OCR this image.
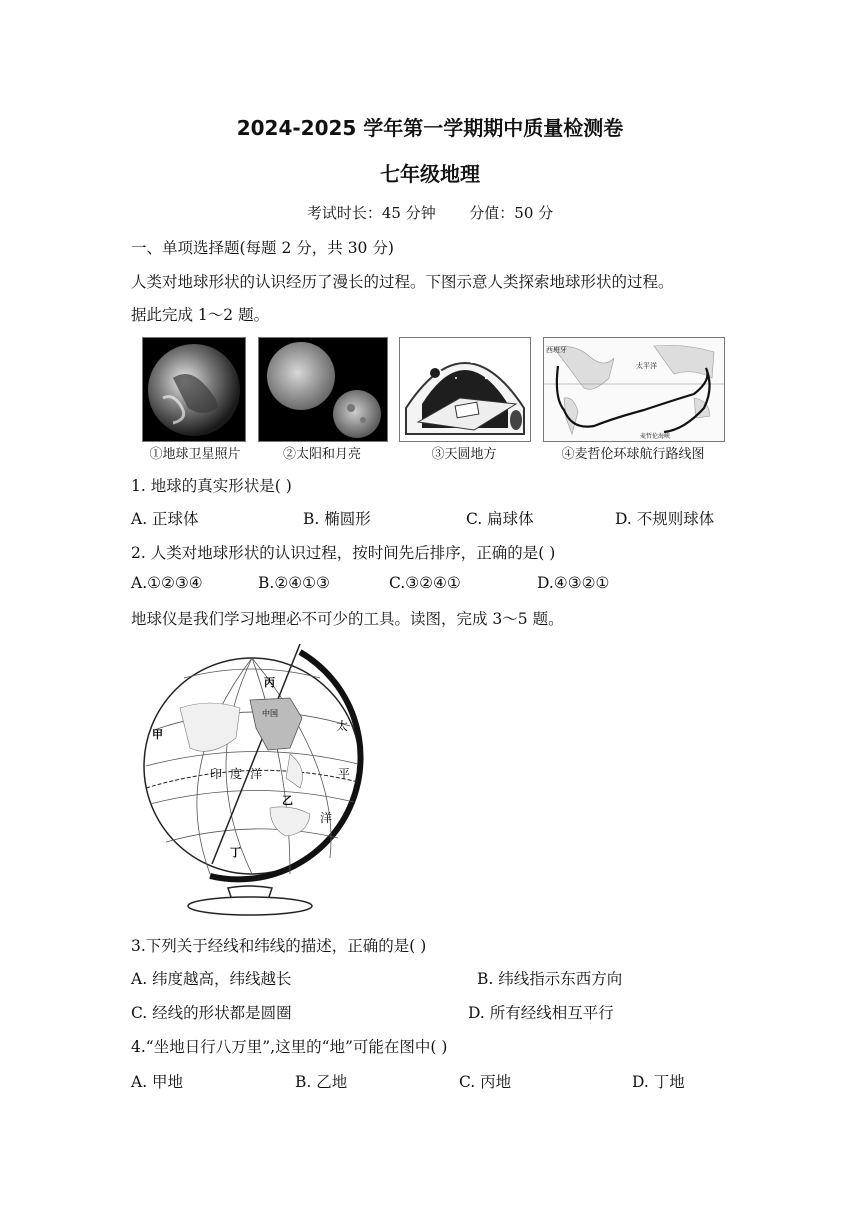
2024-2025 学年第一学期期中质量检测卷
七年级地理
考试时长：45 分钟 分值：50 分
一、单项选择题(每题 2 分，共 30 分)
人类对地球形状的认识经历了漫长的过程。下图示意人类探索地球形状的过程。
据此完成 1～2 题。
西班牙
太平洋
麦哲伦海峡
①地球卫星照片	②太阳和月亮	③天圆地方	④麦哲伦环球航行路线图
1. 地球的真实形状是( )
A. 正球体	B. 椭圆形	C. 扁球体	D. 不规则球体
2. 人类对地球形状的认识过程，按时间先后排序，正确的是( )
A.①②③④	B.②④①③	C.③②④①	D.④③②①
地球仪是我们学习地理必不可少的工具。读图，完成 3～5 题。
中国
丙
甲
乙
丁
印度洋
太
平
洋
3.下列关于经线和纬线的描述，正确的是( )
A. 纬度越高，纬线越长	B. 纬线指示东西方向
C. 经线的形状都是圆圈	D. 所有经线相互平行
4.“坐地日行八万里”,这里的“地”可能在图中( )
A. 甲地	B. 乙地	C. 丙地	D. 丁地
